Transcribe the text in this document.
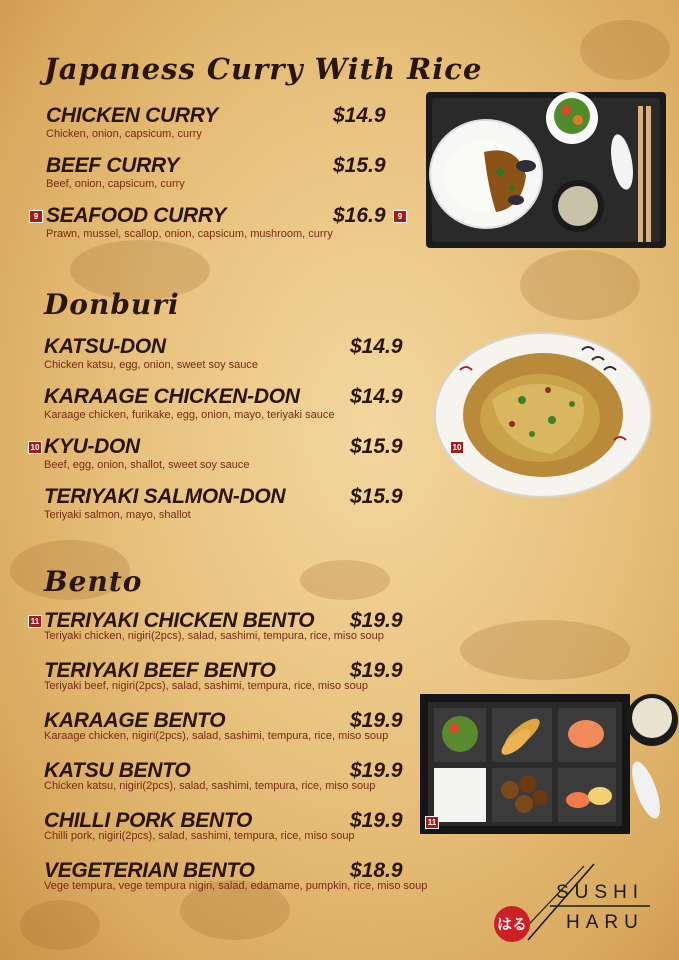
Japaness Curry With Rice
CHICKEN CURRY	$14.9
Chicken, onion, capsicum, curry
BEEF CURRY	$15.9
Beef, onion, capsicum, curry
SEAFOOD CURRY	$16.9
Prawn, mussel, scallop, onion, capsicum, mushroom, curry
9	9
Donburi
KATSU-DON	$14.9
Chicken katsu, egg, onion, sweet soy sauce
KARAAGE CHICKEN-DON $14.9
Karaage chicken, furikake, egg, onion, mayo, teriyaki sauce
KYU-DON	$15.9
Beef, egg, onion, shallot, sweet soy sauce
TERIYAKI SALMON-DON	$15.9
Teriyaki salmon, mayo, shallot
10	10
Bento
TERIYAKI CHICKEN BENTO $19.9
Teriyaki chicken, nigiri(2pcs), salad, sashimi, tempura, rice, miso soup
TERIYAKI BEEF BENTO	$19.9
Teriyaki beef, nigiri(2pcs), salad, sashimi, tempura, rice, miso soup
KARAAGE BENTO	$19.9
Karaage chicken, nigiri(2pcs), salad, sashimi, tempura, rice, miso soup
KATSU BENTO	$19.9
Chicken katsu, nigiri(2pcs), salad, sashimi, tempura, rice, miso soup
CHILLI PORK BENTO	$19.9
Chilli pork, nigiri(2pcs), salad, sashimi, tempura, rice, miso soup
VEGETERIAN BENTO	$18.9
Vege tempura, vege tempura nigiri, salad, edamame, pumpkin, rice, miso soup
11
11
はる
SUSHI
HARU
